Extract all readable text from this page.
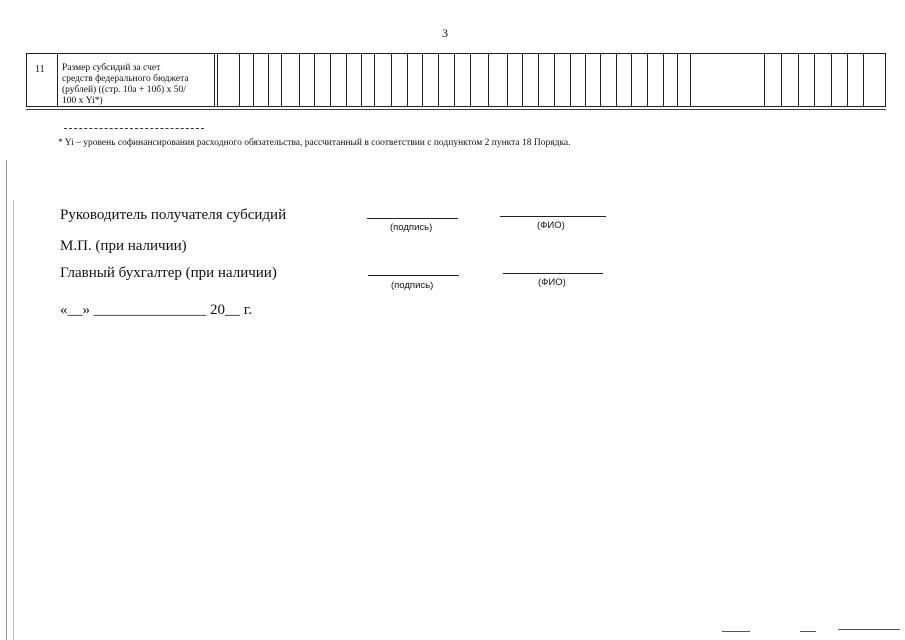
3
11 Размер субсидий за счет
средств федерального бюджета
(рублей) ((стр. 10а + 10б) х 50/
100 х Yi*)
* Yi – уровень софинансирования расходного обязательства, рассчитанный в соответствии с подпунктом 2 пункта 18 Порядка.
Руководитель получателя субсидий
(подпись)	(ФИО)
М.П. (при наличии)
Главный бухгалтер (при наличии)
(подпись)	(ФИО)
«__» _______________ 20__ г.
